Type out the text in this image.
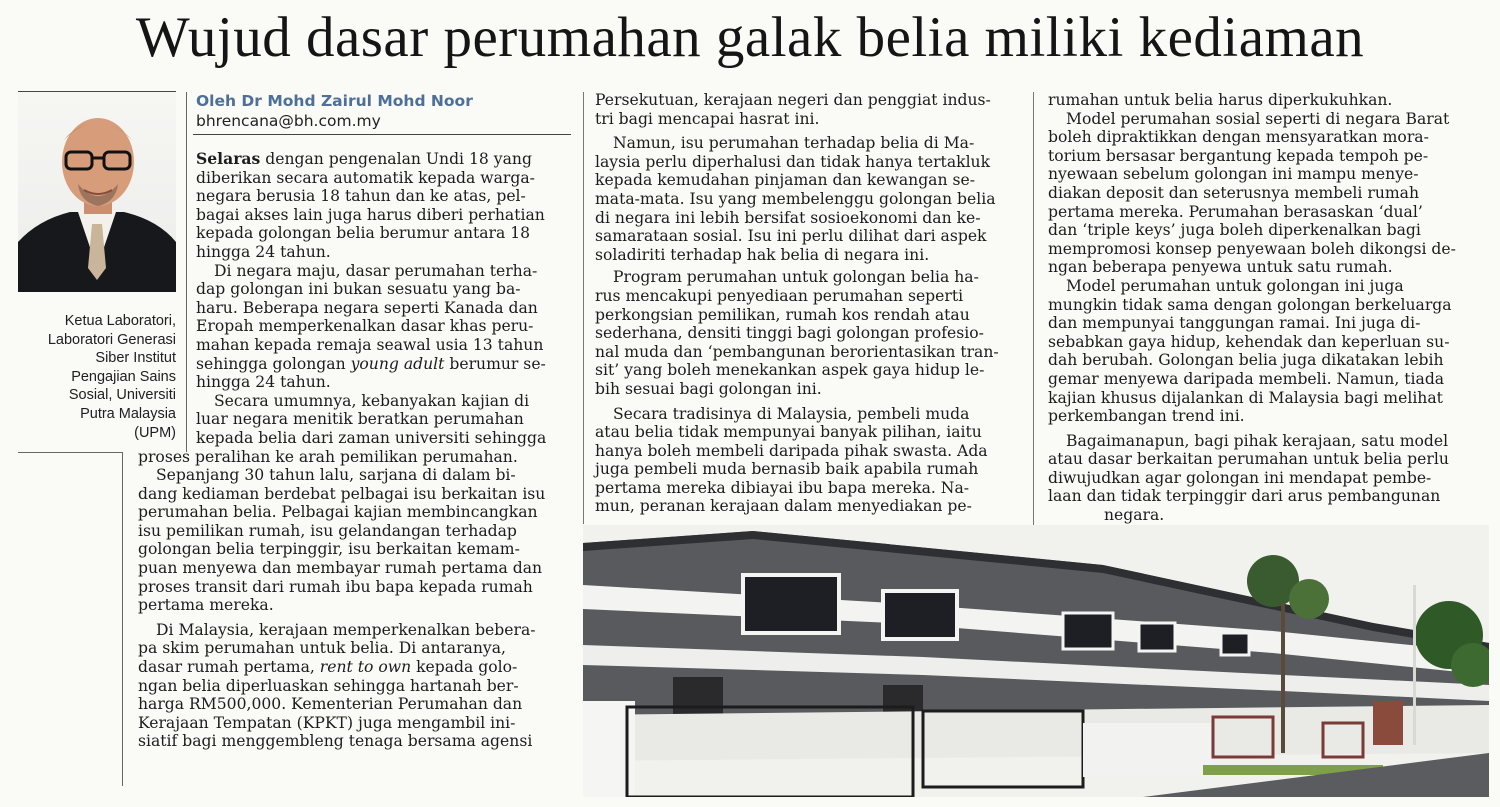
Wujud dasar perumahan galak belia miliki kediaman
Ketua Laboratori,
Laboratori Generasi
Siber Institut
Pengajian Sains
Sosial, Universiti
Putra Malaysia
(UPM)
Oleh Dr Mohd Zairul Mohd Noor
bhrencana@bh.com.my
Selaras dengan pengenalan Undi 18 yang
diberikan secara automatik kepada warga-
negara berusia 18 tahun dan ke atas, pel-
bagai akses lain juga harus diberi perhatian
kepada golongan belia berumur antara 18
hingga 24 tahun.
Di negara maju, dasar perumahan terha-
dap golongan ini bukan sesuatu yang ba-
haru. Beberapa negara seperti Kanada dan
Eropah memperkenalkan dasar khas peru-
mahan kepada remaja seawal usia 13 tahun
sehingga golongan young adult berumur se-
hingga 24 tahun.
Secara umumnya, kebanyakan kajian di
luar negara menitik beratkan perumahan
kepada belia dari zaman universiti sehingga
proses peralihan ke arah pemilikan perumahan.
Sepanjang 30 tahun lalu, sarjana di dalam bi-
dang kediaman berdebat pelbagai isu berkaitan isu
perumahan belia. Pelbagai kajian membincangkan
isu pemilikan rumah, isu gelandangan terhadap
golongan belia terpinggir, isu berkaitan kemam-
puan menyewa dan membayar rumah pertama dan
proses transit dari rumah ibu bapa kepada rumah
pertama mereka.
Di Malaysia, kerajaan memperkenalkan bebera-
pa skim perumahan untuk belia. Di antaranya,
dasar rumah pertama, rent to own kepada golo-
ngan belia diperluaskan sehingga hartanah ber-
harga RM500,000. Kementerian Perumahan dan
Kerajaan Tempatan (KPKT) juga mengambil ini-
siatif bagi menggembleng tenaga bersama agensi
Persekutuan, kerajaan negeri dan penggiat indus-
tri bagi mencapai hasrat ini.
Namun, isu perumahan terhadap belia di Ma-
laysia perlu diperhalusi dan tidak hanya tertakluk
kepada kemudahan pinjaman dan kewangan se-
mata-mata. Isu yang membelenggu golongan belia
di negara ini lebih bersifat sosioekonomi dan ke-
samarataan sosial. Isu ini perlu dilihat dari aspek
soladiriti terhadap hak belia di negara ini.
Program perumahan untuk golongan belia ha-
rus mencakupi penyediaan perumahan seperti
perkongsian pemilikan, rumah kos rendah atau
sederhana, densiti tinggi bagi golongan profesio-
nal muda dan ‘pembangunan berorientasikan tran-
sit’ yang boleh menekankan aspek gaya hidup le-
bih sesuai bagi golongan ini.
Secara tradisinya di Malaysia, pembeli muda
atau belia tidak mempunyai banyak pilihan, iaitu
hanya boleh membeli daripada pihak swasta. Ada
juga pembeli muda bernasib baik apabila rumah
pertama mereka dibiayai ibu bapa mereka. Na-
mun, peranan kerajaan dalam menyediakan pe-
rumahan untuk belia harus diperkukuhkan.
Model perumahan sosial seperti di negara Barat
boleh dipraktikkan dengan mensyaratkan mora-
torium bersasar bergantung kepada tempoh pe-
nyewaan sebelum golongan ini mampu menye-
diakan deposit dan seterusnya membeli rumah
pertama mereka. Perumahan berasaskan ‘dual’
dan ‘triple keys’ juga boleh diperkenalkan bagi
mempromosi konsep penyewaan boleh dikongsi de-
ngan beberapa penyewa untuk satu rumah.
Model perumahan untuk golongan ini juga
mungkin tidak sama dengan golongan berkeluarga
dan mempunyai tanggungan ramai. Ini juga di-
sebabkan gaya hidup, kehendak dan keperluan su-
dah berubah. Golongan belia juga dikatakan lebih
gemar menyewa daripada membeli. Namun, tiada
kajian khusus dijalankan di Malaysia bagi melihat
perkembangan trend ini.
Bagaimanapun, bagi pihak kerajaan, satu model
atau dasar berkaitan perumahan untuk belia perlu
diwujudkan agar golongan ini mendapat pembe-
laan dan tidak terpinggir dari arus pembangunan
negara.
